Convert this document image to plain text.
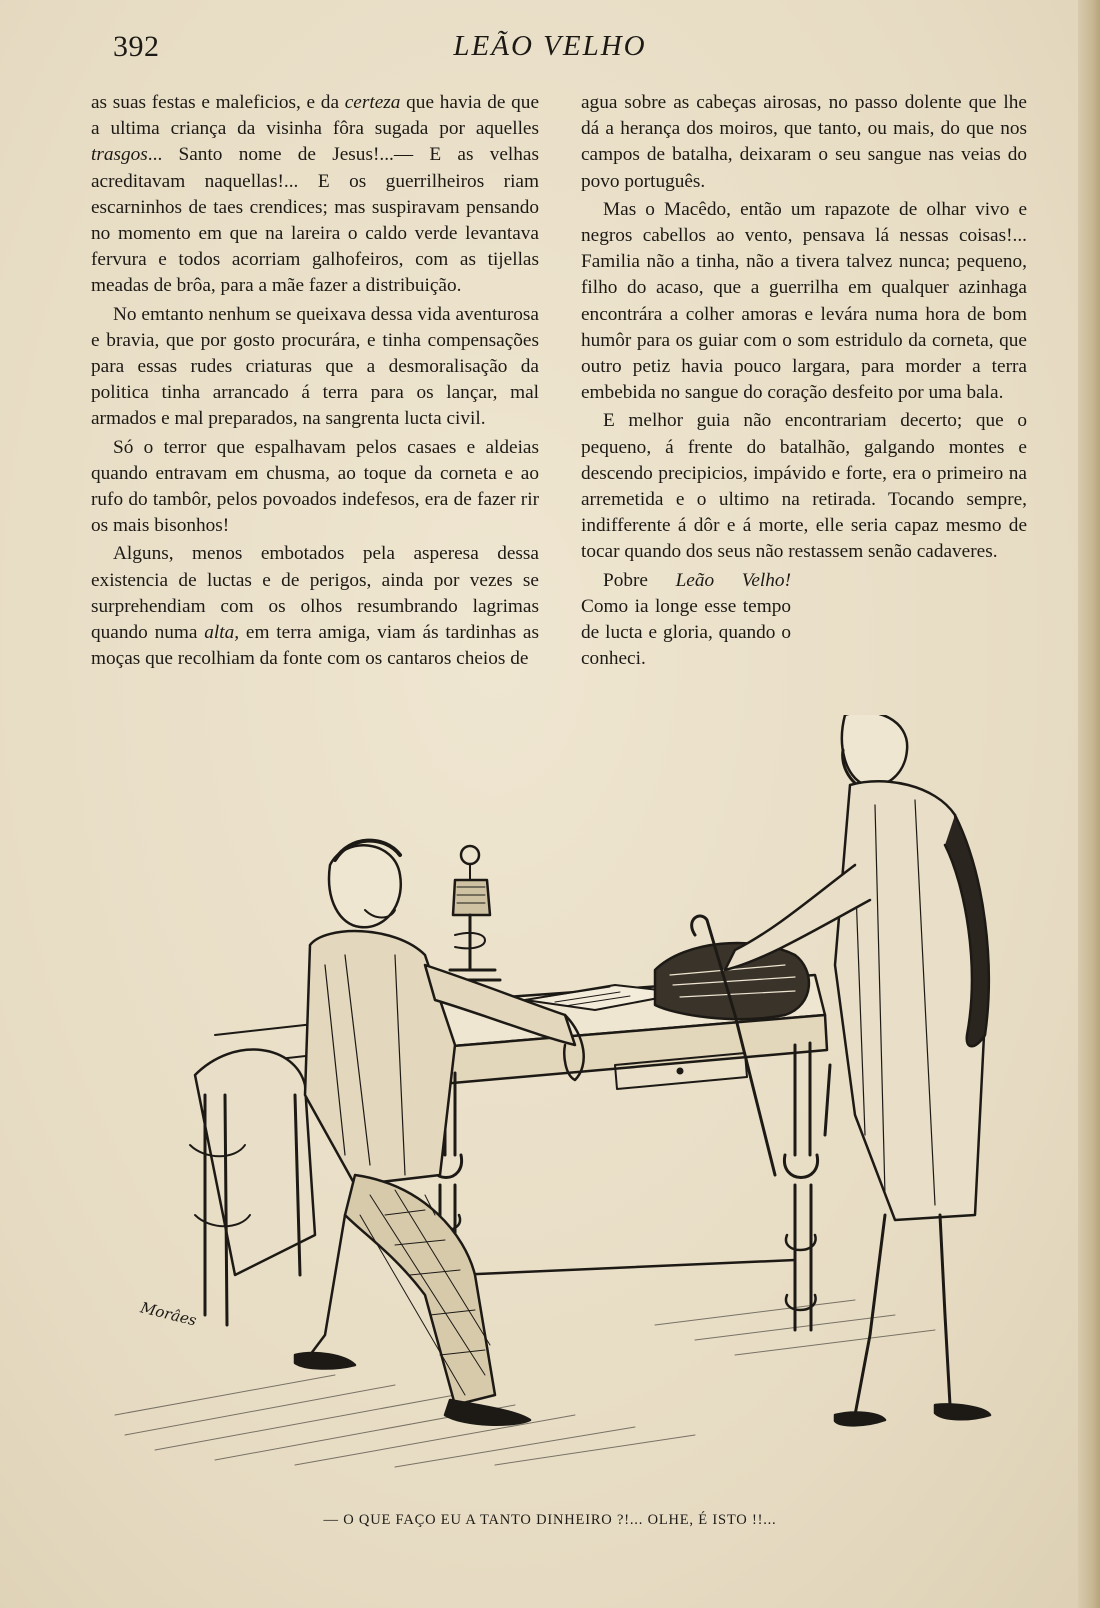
392	LEÃO VELHO

as suas festas e maleficios, e da certeza que havia de que a ultima criança da visinha fôra sugada por aquelles trasgos... Santo nome de Jesus!...— E as velhas acreditavam naquellas!... E os guerrilheiros riam escarninhos de taes crendices; mas suspiravam pensando no momento em que na lareira o caldo verde levantava fervura e todos acorriam galhofeiros, com as tijellas meadas de brôa, para a mãe fazer a distribuição.

No emtanto nenhum se queixava dessa vida aventurosa e bravia, que por gosto procurára, e tinha compensações para essas rudes criaturas que a desmoralisação da politica tinha arrancado á terra para os lançar, mal armados e mal preparados, na sangrenta lucta civil.

Só o terror que espalhavam pelos casaes e aldeias quando entravam em chusma, ao toque da corneta e ao rufo do tambôr, pelos povoados indefesos, era de fazer rir os mais bisonhos!

Alguns, menos embotados pela asperesa dessa existencia de luctas e de perigos, ainda por vezes se surprehendiam com os olhos resumbrando lagrimas quando numa alta, em terra amiga, viam ás tardinhas as moças que recolhiam da fonte com os cantaros cheios de

agua sobre as cabeças airosas, no passo dolente que lhe dá a herança dos moiros, que tanto, ou mais, do que nos campos de batalha, deixaram o seu sangue nas veias do povo português.

Mas o Macêdo, então um rapazote de olhar vivo e negros cabellos ao vento, pensava lá nessas coisas!... Familia não a tinha, não a tivera talvez nunca; pequeno, filho do acaso, que a guerrilha em qualquer azinhaga encontrára a colher amoras e levára numa hora de bom humôr para os guiar com o som estridulo da corneta, que outro petiz havia pouco largara, para morder a terra embebida no sangue do coração desfeito por uma bala.

E melhor guia não encontrariam decerto; que o pequeno, á frente do batalhão, galgando montes e descendo precipicios, impávido e forte, era o primeiro na arremetida e o ultimo na retirada. Tocando sempre, indifferente á dôr e á morte, elle seria capaz mesmo de tocar quando dos seus não restassem senão cadaveres.

Pobre Leão Velho! Como ia longe esse tempo de lucta e gloria, quando o conheci.

Morâes
— O QUE FAÇO EU A TANTO DINHEIRO ?!... OLHE, É ISTO !!...
